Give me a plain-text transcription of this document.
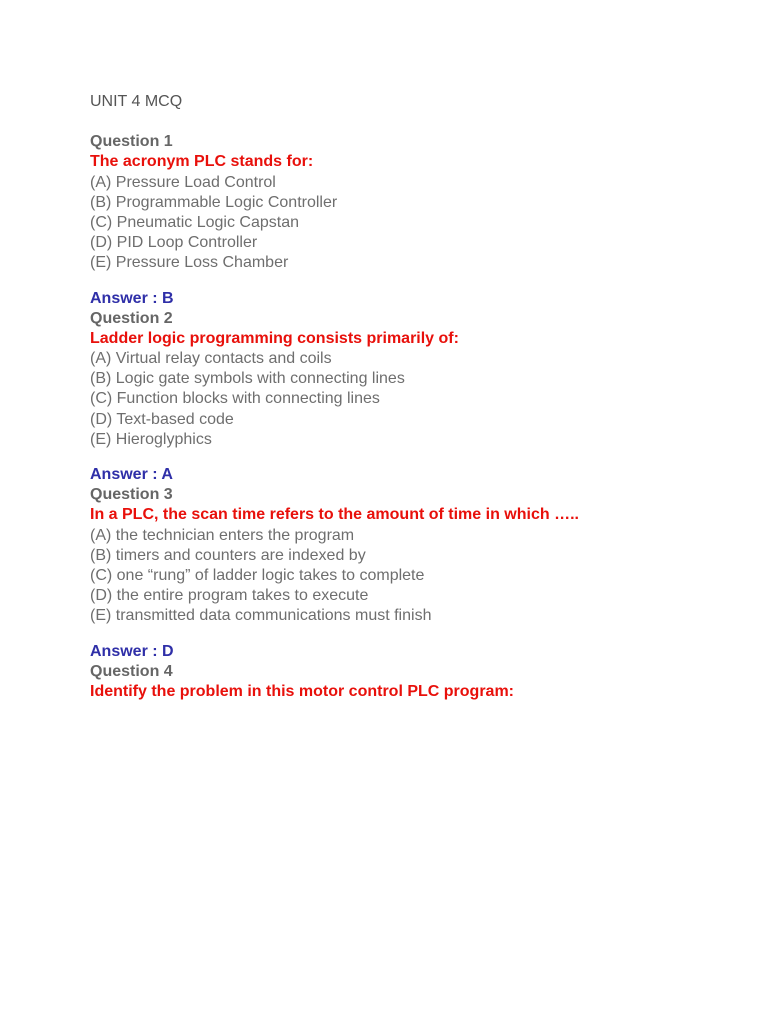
UNIT 4 MCQ
Question 1
The acronym PLC stands for:
(A) Pressure Load Control
(B) Programmable Logic Controller
(C) Pneumatic Logic Capstan
(D) PID Loop Controller
(E) Pressure Loss Chamber
Answer : B
Question 2
Ladder logic programming consists primarily of:
(A) Virtual relay contacts and coils
(B) Logic gate symbols with connecting lines
(C) Function blocks with connecting lines
(D) Text-based code
(E) Hieroglyphics
Answer : A
Question 3
In a PLC, the scan time refers to the amount of time in which …..
(A) the technician enters the program
(B) timers and counters are indexed by
(C) one “rung” of ladder logic takes to complete
(D) the entire program takes to execute
(E) transmitted data communications must finish
Answer : D
Question 4
Identify the problem in this motor control PLC program:
